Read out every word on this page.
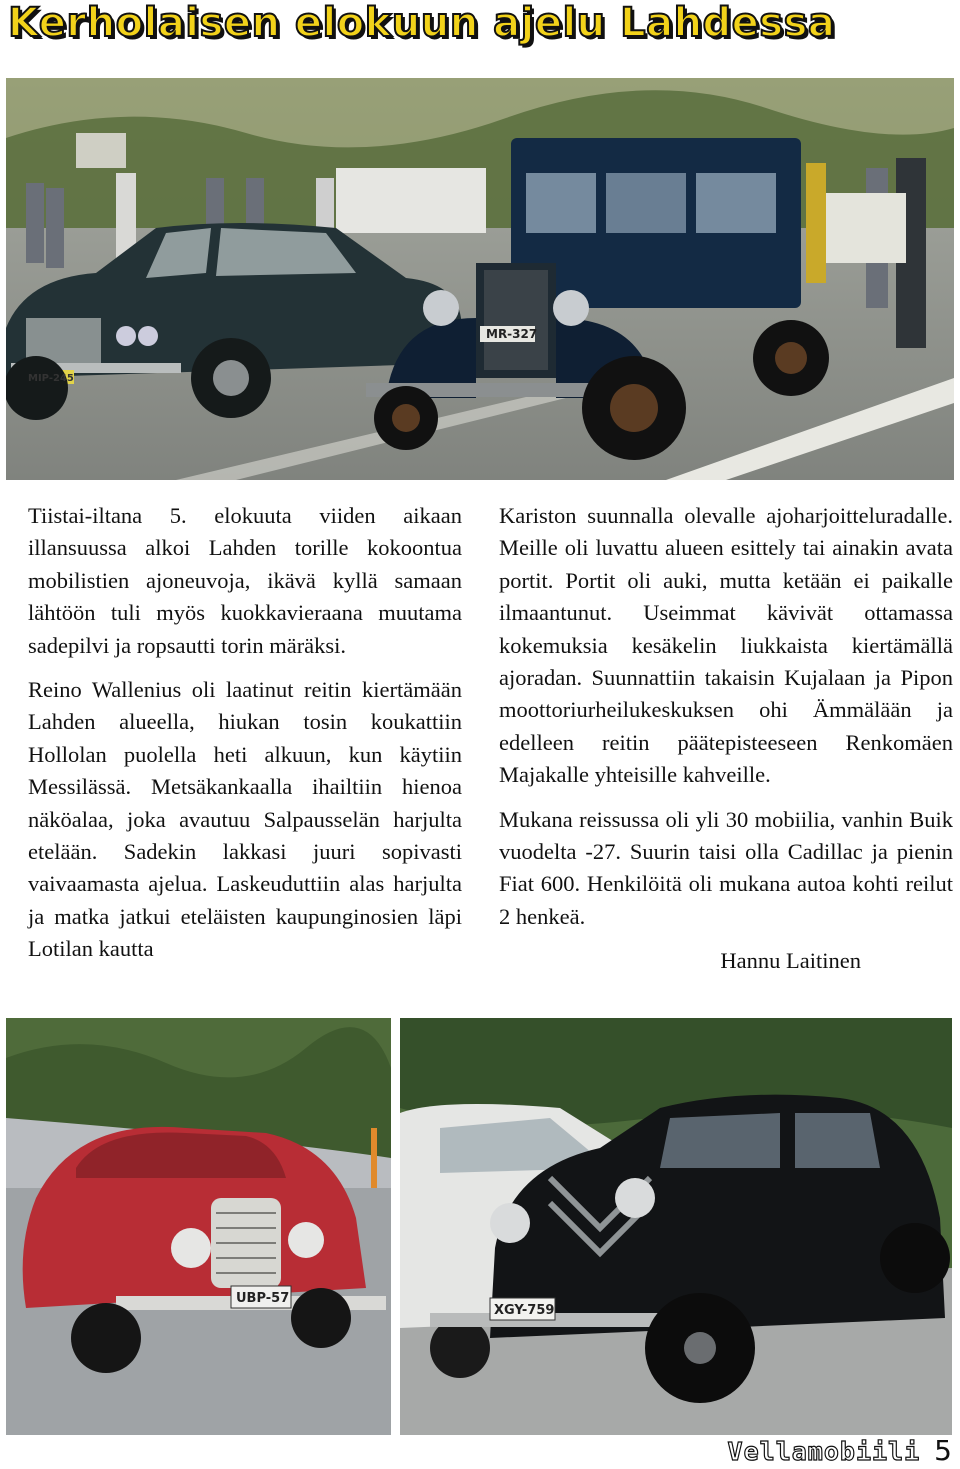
Kerholaisen elokuun ajelu Lahdessa
MR-327
MIP-245

Tiistai-iltana 5. elokuuta viiden aikaan illansuussa alkoi Lahden torille kokoontua mobilistien ajoneuvoja, ikävä kyllä samaan lähtöön tuli myös kuokkavieraana muutama sadepilvi ja ropsautti torin märäksi.

Reino Wallenius oli laatinut reitin kiertämään Lahden alueella, hiukan tosin koukattiin Hollolan puolella heti alkuun, kun käytiin Messilässä. Metsäkankaalla ihailtiin hienoa näköalaa, joka avautuu Salpausselän harjulta etelään. Sadekin lakkasi juuri sopivasti vaivaamasta ajelua. Laskeuduttiin alas harjulta ja matka jatkui eteläisten kaupunginosien läpi Lotilan kautta

Kariston suunnalla olevalle ajoharjoitteluradalle. Meille oli luvattu alueen esittely tai ainakin avata portit. Portit oli auki, mutta ketään ei paikalle ilmaantunut. Useimmat kävivät ottamassa kokemuksia kesäkelin liukkaista kiertämällä ajoradan. Suunnattiin takaisin Kujalaan ja Pipon moottoriurheilukeskuksen ohi Ämmälään ja edelleen reitin päätepisteeseen Renkomäen Majakalle yhteisille kahveille.

Mukana reissussa oli yli 30 mobiilia, vanhin Buik vuodelta -27. Suurin taisi olla Cadillac ja pienin Fiat 600. Henkilöitä oli mukana autoa kohti reilut 2 henkeä.

Hannu Laitinen

UBP-57
XGY-759
Vellamobiili 5
